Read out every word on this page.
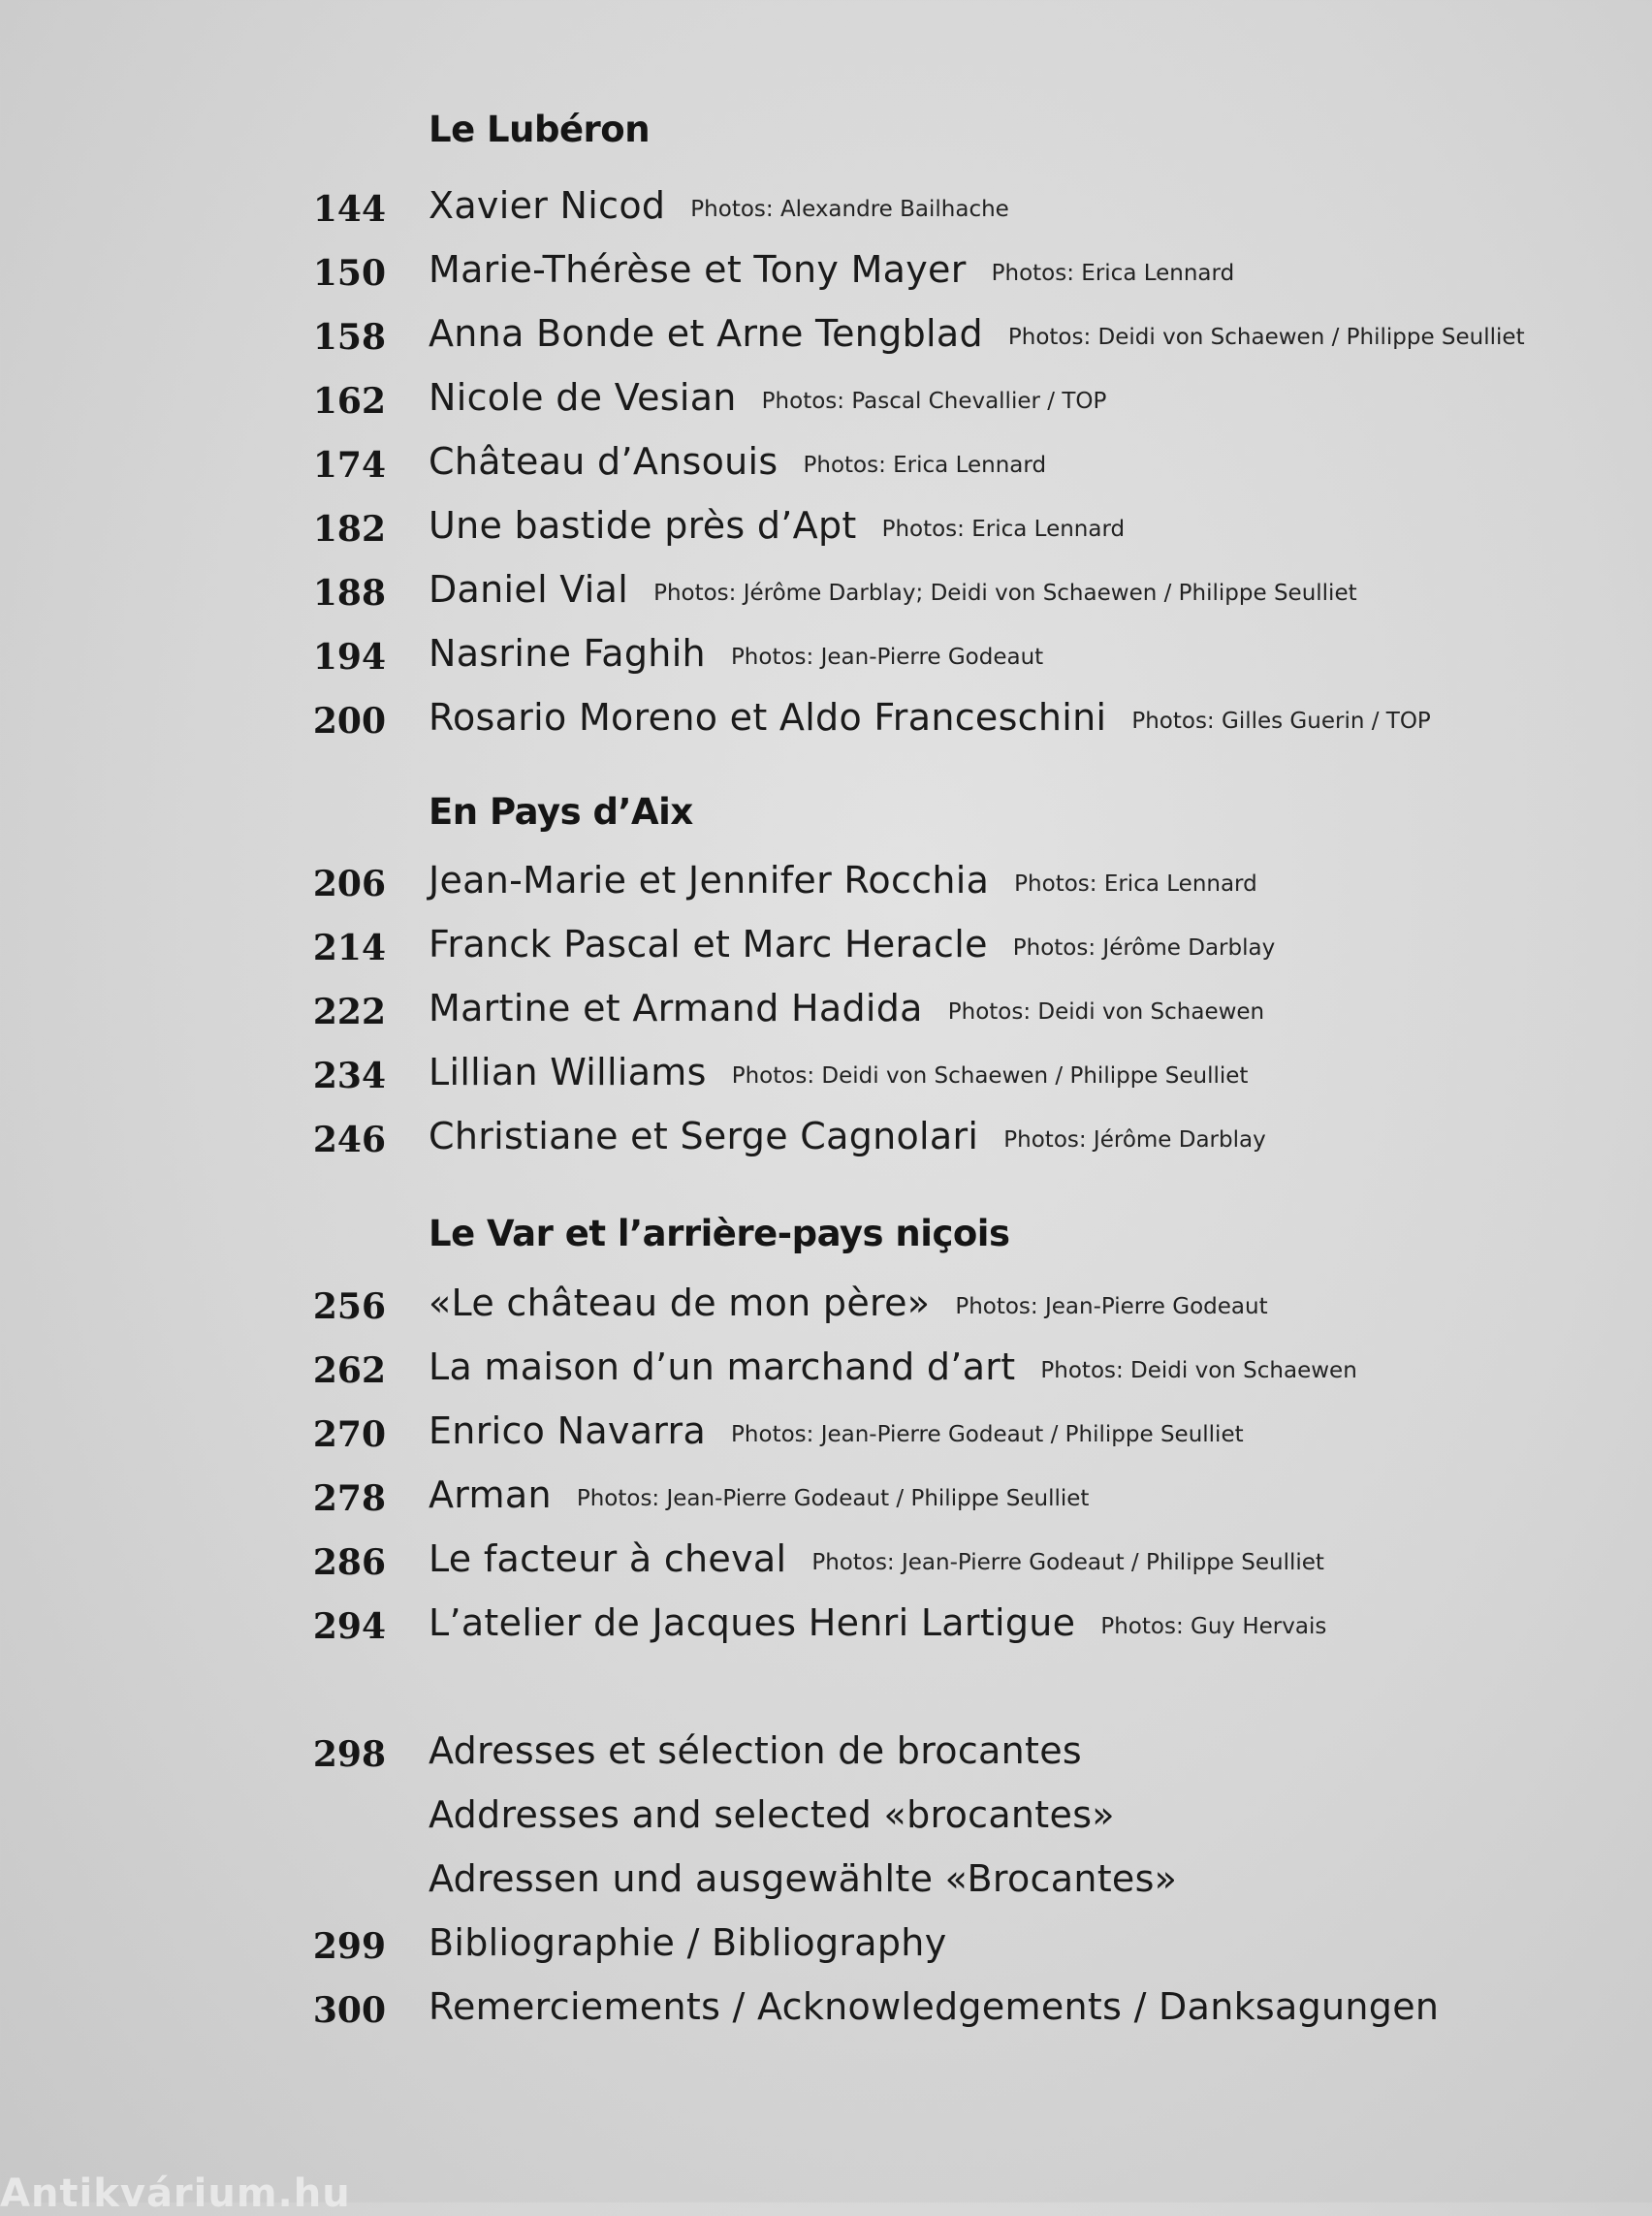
Le Lubéron
144 Xavier Nicod Photos: Alexandre Bailhache
150 Marie-Thérèse et Tony Mayer Photos: Erica Lennard
158 Anna Bonde et Arne Tengblad Photos: Deidi von Schaewen / Philippe Seulliet
162 Nicole de Vesian Photos: Pascal Chevallier / TOP
174 Château d’Ansouis Photos: Erica Lennard
182 Une bastide près d’Apt Photos: Erica Lennard
188 Daniel Vial Photos: Jérôme Darblay; Deidi von Schaewen / Philippe Seulliet
194 Nasrine Faghih Photos: Jean-Pierre Godeaut
200 Rosario Moreno et Aldo Franceschini Photos: Gilles Guerin / TOP
En Pays d’Aix
206 Jean-Marie et Jennifer Rocchia Photos: Erica Lennard
214 Franck Pascal et Marc Heracle Photos: Jérôme Darblay
222 Martine et Armand Hadida Photos: Deidi von Schaewen
234 Lillian Williams Photos: Deidi von Schaewen / Philippe Seulliet
246 Christiane et Serge Cagnolari Photos: Jérôme Darblay
Le Var et l’arrière-pays niçois
256 «Le château de mon père» Photos: Jean-Pierre Godeaut
262 La maison d’un marchand d’art Photos: Deidi von Schaewen
270 Enrico Navarra Photos: Jean-Pierre Godeaut / Philippe Seulliet
278 Arman Photos: Jean-Pierre Godeaut / Philippe Seulliet
286 Le facteur à cheval Photos: Jean-Pierre Godeaut / Philippe Seulliet
294 L’atelier de Jacques Henri Lartigue Photos: Guy Hervais
298 Adresses et sélection de brocantes
Addresses and selected «brocantes»
Adressen und ausgewählte «Brocantes»
299 Bibliographie / Bibliography
300 Remerciements / Acknowledgements / Danksagungen
Antikvárium.hu
